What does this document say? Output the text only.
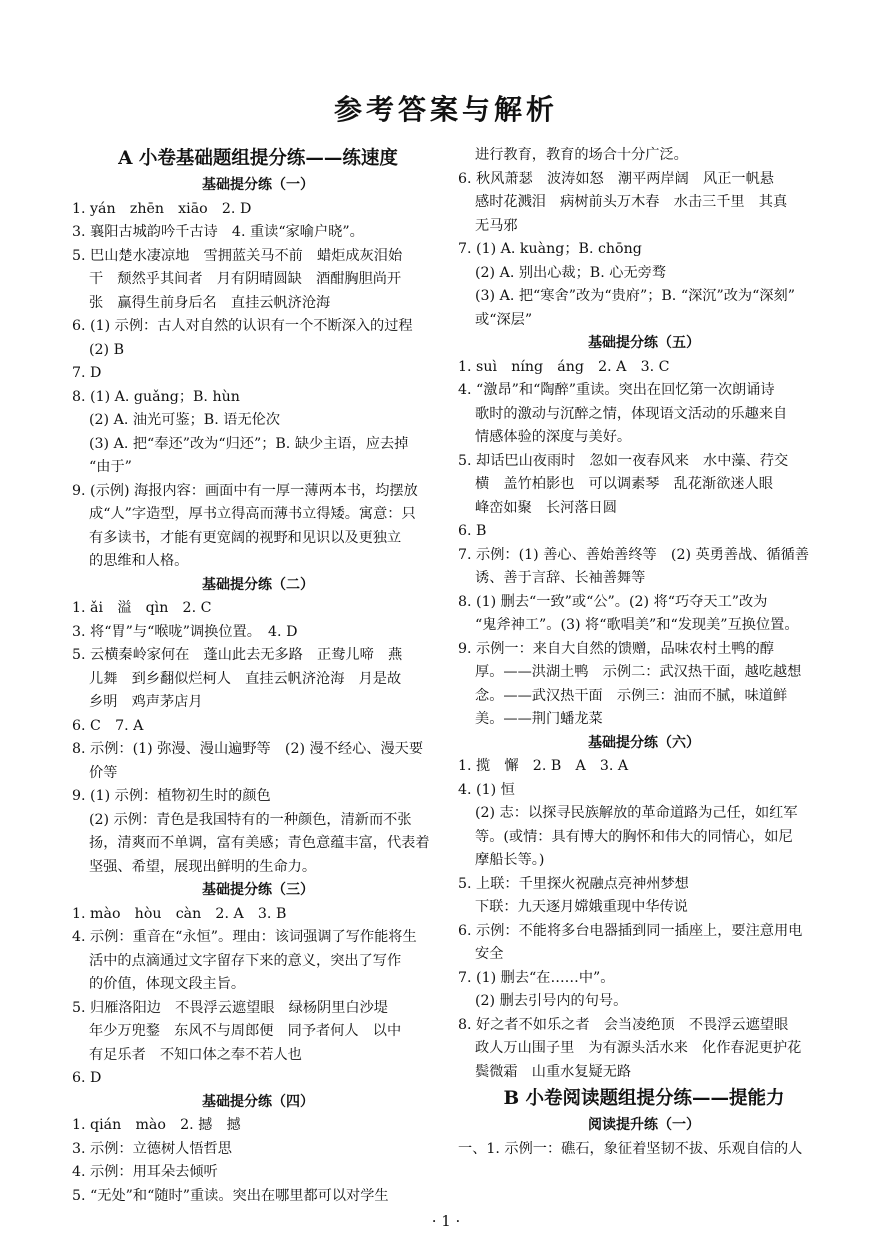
参考答案与解析
A 小卷基础题组提分练——练速度
基础提分练（一）
1. yán　zhēn　xiāo　2. D
3. 襄阳古城韵吟千古诗　4. 重读“家喻户晓”。
5. 巴山楚水凄凉地　雪拥蓝关马不前　蜡炬成灰泪始
干　颓然乎其间者　月有阴晴圆缺　酒酣胸胆尚开
张　赢得生前身后名　直挂云帆济沧海
6. (1) 示例：古人对自然的认识有一个不断深入的过程
(2) B
7. D
8. (1) A. guǎng；B. hùn
(2) A. 油光可鉴；B. 语无伦次
(3) A. 把“奉还”改为“归还”；B. 缺少主语，应去掉
“由于”
9. (示例) 海报内容：画面中有一厚一薄两本书，均摆放
成“人”字造型，厚书立得高而薄书立得矮。寓意：只
有多读书，才能有更宽阔的视野和见识以及更独立
的思维和人格。
基础提分练（二）
1. ǎi　溢　qìn　2. C
3. 将“胃”与“喉咙”调换位置。　4. D
5. 云横秦岭家何在　蓬山此去无多路　正鸯儿啼　燕
儿舞　到乡翻似烂柯人　直挂云帆济沧海　月是故
乡明　鸡声茅店月
6. C　7. A
8. 示例：(1) 弥漫、漫山遍野等　(2) 漫不经心、漫天要
价等
9. (1) 示例：植物初生时的颜色
(2) 示例：青色是我国特有的一种颜色，清新而不张
扬，清爽而不单调，富有美感；青色意蕴丰富，代表着
坚强、希望，展现出鲜明的生命力。
基础提分练（三）
1. mào　hòu　càn　2. A　3. B
4. 示例：重音在“永恒”。理由：该词强调了写作能将生
活中的点滴通过文字留存下来的意义，突出了写作
的价值，体现文段主旨。
5. 归雁洛阳边　不畏浮云遮望眼　绿杨阴里白沙堤
年少万兜鍪　东风不与周郎便　同予者何人　以中
有足乐者　不知口体之奉不若人也
6. D
基础提分练（四）
1. qián　mào　2. 撼　撼
3. 示例：立德树人悟哲思
4. 示例：用耳朵去倾听
5. “无处”和“随时”重读。突出在哪里都可以对学生
进行教育，教育的场合十分广泛。
6. 秋风萧瑟　波涛如怒　潮平两岸阔　风正一帆悬
感时花溅泪　病树前头万木春　水击三千里　其真
无马邪
7. (1) A. kuàng；B. chōng
(2) A. 别出心裁；B. 心无旁骛
(3) A. 把“寒舍”改为“贵府”；B. “深沉”改为“深刻”
或“深层”
基础提分练（五）
1. suì　níng　áng　2. A　3. C
4. “激昂”和“陶醉”重读。突出在回忆第一次朗诵诗
歌时的激动与沉醉之情，体现语文活动的乐趣来自
情感体验的深度与美好。
5. 却话巴山夜雨时　忽如一夜春风来　水中藻、荇交
横　盖竹柏影也　可以调素琴　乱花渐欲迷人眼
峰峦如聚　长河落日圆
6. B
7. 示例：(1) 善心、善始善终等　(2) 英勇善战、循循善
诱、善于言辞、长袖善舞等
8. (1) 删去“一致”或“公”。(2) 将“巧夺天工”改为
“鬼斧神工”。(3) 将“歌唱美”和“发现美”互换位置。
9. 示例一：来自大自然的馈赠，品味农村土鸭的醇
厚。——洪湖土鸭　示例二：武汉热干面，越吃越想
念。——武汉热干面　示例三：油而不腻，味道鲜
美。——荆门蟠龙菜
基础提分练（六）
1. 揽　懈　2. B　A　3. A
4. (1) 恒
(2) 志：以探寻民族解放的革命道路为己任，如红军
等。(或情：具有博大的胸怀和伟大的同情心，如尼
摩船长等。)
5. 上联：千里探火祝融点亮神州梦想
下联：九天逐月嫦娥重现中华传说
6. 示例：不能将多台电器插到同一插座上，要注意用电
安全
7. (1) 删去“在……中”。
(2) 删去引号内的句号。
8. 好之者不如乐之者　会当凌绝顶　不畏浮云遮望眼
政人万山围子里　为有源头活水来　化作春泥更护花
鬓微霜　山重水复疑无路
B 小卷阅读题组提分练——提能力
阅读提升练（一）
一、1. 示例一：礁石，象征着坚韧不拔、乐观自信的人
· 1 ·
